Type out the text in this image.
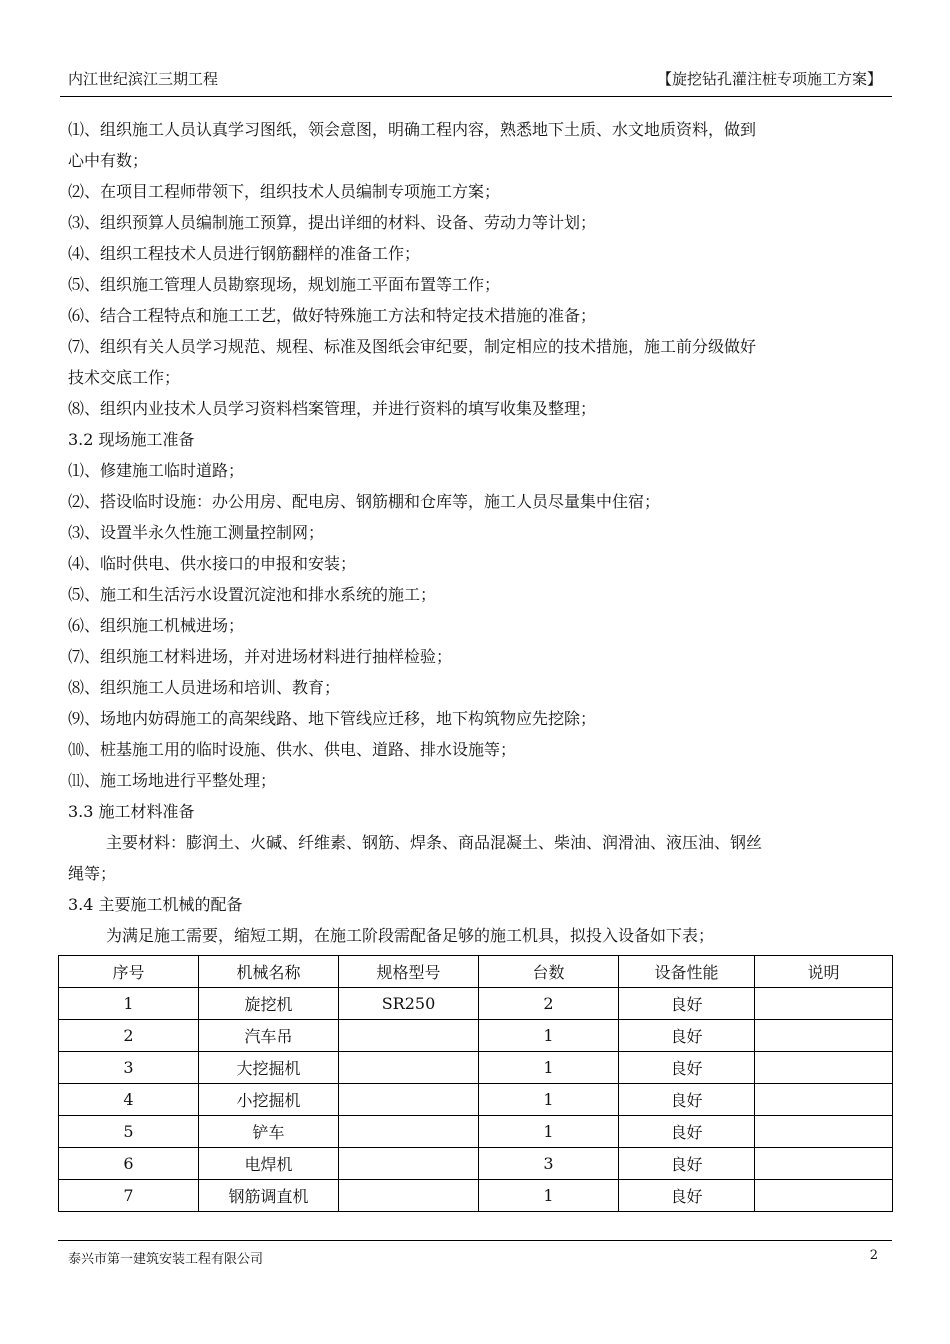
内江世纪滨江三期工程	【旋挖钻孔灌注桩专项施工方案】
⑴、组织施工人员认真学习图纸，领会意图，明确工程内容，熟悉地下土质、水文地质资料，做到
心中有数；
⑵、在项目工程师带领下，组织技术人员编制专项施工方案；
⑶、组织预算人员编制施工预算，提出详细的材料、设备、劳动力等计划；
⑷、组织工程技术人员进行钢筋翻样的准备工作；
⑸、组织施工管理人员勘察现场，规划施工平面布置等工作；
⑹、结合工程特点和施工工艺，做好特殊施工方法和特定技术措施的准备；
⑺、组织有关人员学习规范、规程、标准及图纸会审纪要，制定相应的技术措施，施工前分级做好
技术交底工作；
⑻、组织内业技术人员学习资料档案管理，并进行资料的填写收集及整理；
3.2 现场施工准备
⑴、修建施工临时道路；
⑵、搭设临时设施：办公用房、配电房、钢筋棚和仓库等，施工人员尽量集中住宿；
⑶、设置半永久性施工测量控制网；
⑷、临时供电、供水接口的申报和安装；
⑸、施工和生活污水设置沉淀池和排水系统的施工；
⑹、组织施工机械进场；
⑺、组织施工材料进场，并对进场材料进行抽样检验；
⑻、组织施工人员进场和培训、教育；
⑼、场地内妨碍施工的高架线路、地下管线应迁移，地下构筑物应先挖除；
⑽、桩基施工用的临时设施、供水、供电、道路、排水设施等；
⑾、施工场地进行平整处理；
3.3 施工材料准备
主要材料：膨润土、火碱、纤维素、钢筋、焊条、商品混凝土、柴油、润滑油、液压油、钢丝
绳等；
3.4 主要施工机械的配备
为满足施工需要，缩短工期，在施工阶段需配备足够的施工机具，拟投入设备如下表；
序号	机械名称	规格型号	台数	设备性能	说明
1	旋挖机	SR250	2	良好	
2	汽车吊		1	良好	
3	大挖掘机		1	良好	
4	小挖掘机		1	良好	
5	铲车		1	良好	
6	电焊机		3	良好	
7	钢筋调直机		1	良好	
泰兴市第一建筑安装工程有限公司	2
